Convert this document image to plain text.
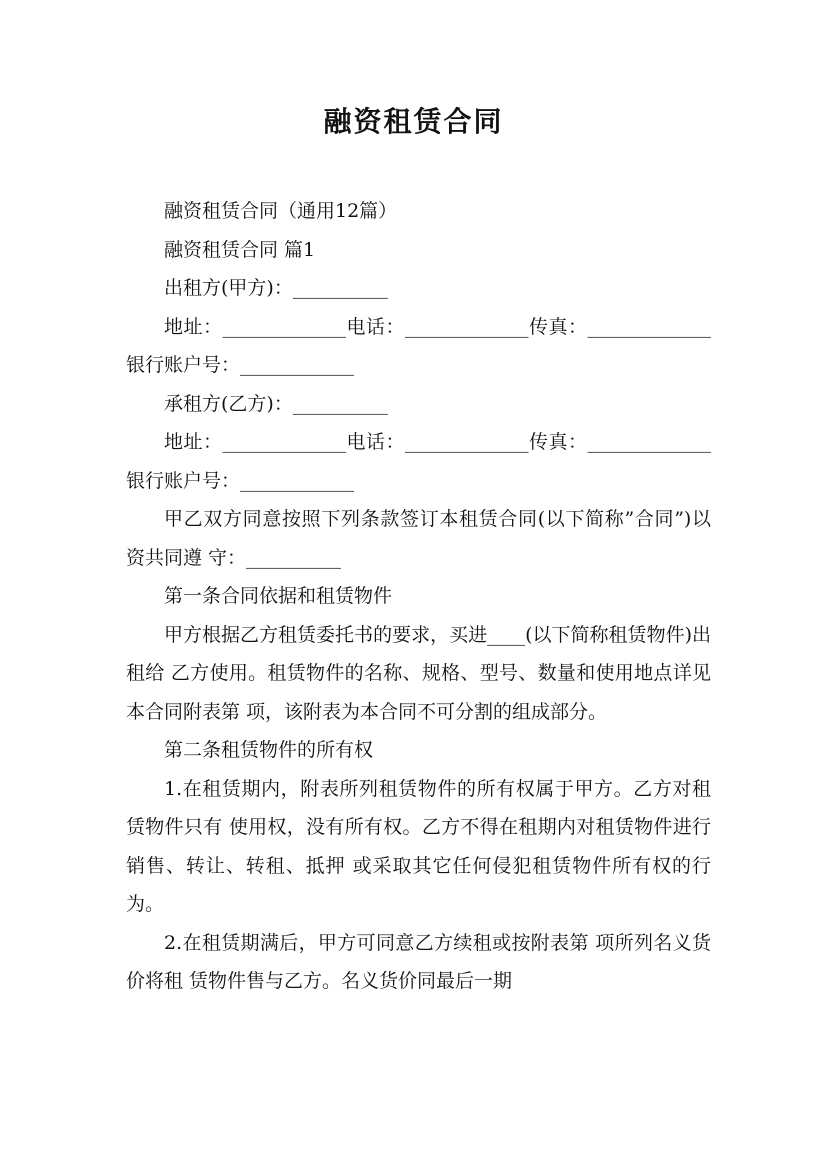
融资租赁合同

融资租赁合同（通用12篇）

融资租赁合同 篇1

出租方(甲方)：__________

地址：_____________电话：_____________传真：_____________银行账户号：____________

承租方(乙方)：__________

地址：_____________电话：_____________传真：_____________银行账户号：____________

甲乙双方同意按照下列条款签订本租赁合同(以下简称”合同”)以资共同遵 守：__________

第一条合同依据和租赁物件

甲方根据乙方租赁委托书的要求，买进____(以下简称租赁物件)出租给 乙方使用。租赁物件的名称、规格、型号、数量和使用地点详见本合同附表第 项，该附表为本合同不可分割的组成部分。

第二条租赁物件的所有权

1.在租赁期内，附表所列租赁物件的所有权属于甲方。乙方对租赁物件只有 使用权，没有所有权。乙方不得在租期内对租赁物件进行销售、转让、转租、抵押 或采取其它任何侵犯租赁物件所有权的行为。

2.在租赁期满后，甲方可同意乙方续租或按附表第 项所列名义货价将租 赁物件售与乙方。名义货价同最后一期
